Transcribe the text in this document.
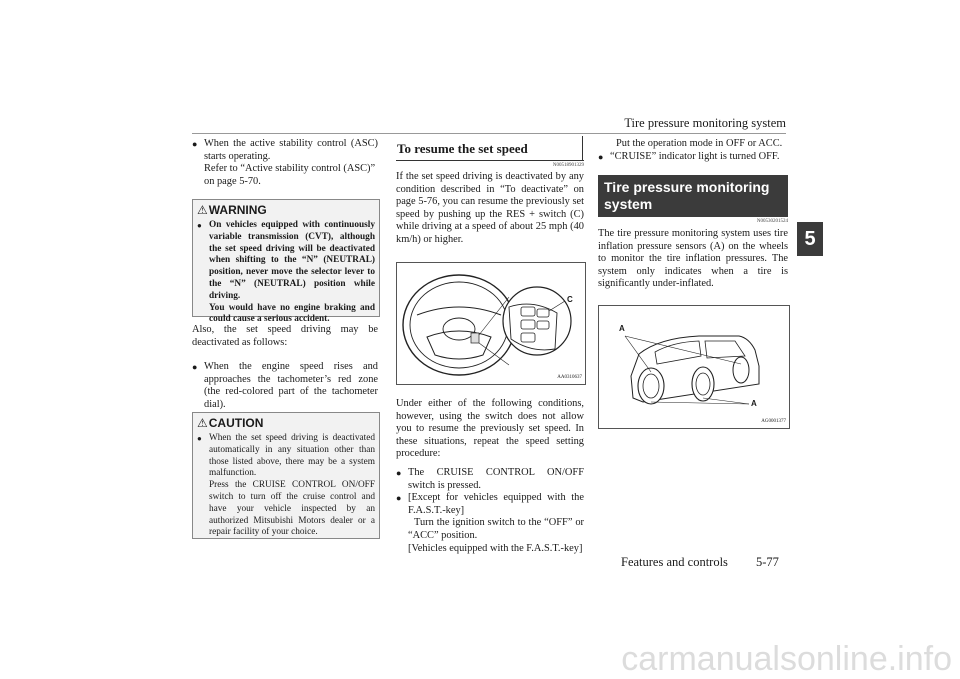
Tire pressure monitoring system
5
● When the active stability control (ASC) starts operating.
Refer to “Active stability control (ASC)” on page 5-70.
⚠WARNING
● On vehicles equipped with continuously variable transmission (CVT), although the set speed driving will be deactivated when shifting to the “N” (NEUTRAL) position, never move the selector lever to the “N” (NEUTRAL) position while driving.
You would have no engine braking and could cause a serious accident.
Also, the set speed driving may be deactivated as follows:
● When the engine speed rises and approaches the tachometer’s red zone (the red-colored part of the tachometer dial).
⚠CAUTION
● When the set speed driving is deactivated automatically in any situation other than those listed above, there may be a system malfunction.
Press the CRUISE CONTROL ON/OFF switch to turn off the cruise control and have your vehicle inspected by an authorized Mitsubishi Motors dealer or a repair facility of your choice.
To resume the set speed
N00518901329
If the set speed driving is deactivated by any condition described in “To deactivate” on page 5-76, you can resume the previously set speed by pushing up the RES + switch (C) while driving at a speed of about 25 mph (40 km/h) or higher.
C
AA0310637
Under either of the following conditions, however, using the switch does not allow you to resume the previously set speed. In these situations, repeat the speed setting procedure:
● The CRUISE CONTROL ON/OFF switch is pressed.
● [Except for vehicles equipped with the F.A.S.T.-key]
Turn the ignition switch to the “OFF” or “ACC” position.
[Vehicles equipped with the F.A.S.T.-key]
Put the operation mode in OFF or ACC.
● “CRUISE” indicator light is turned OFF.
Tire pressure monitoring system
N00530201524
The tire pressure monitoring system uses tire inflation pressure sensors (A) on the wheels to monitor the tire inflation pressures. The system only indicates when a tire is significantly under-inflated.
A
A
AG0001377
Features and controls 5-77
carmanualsonline.info
